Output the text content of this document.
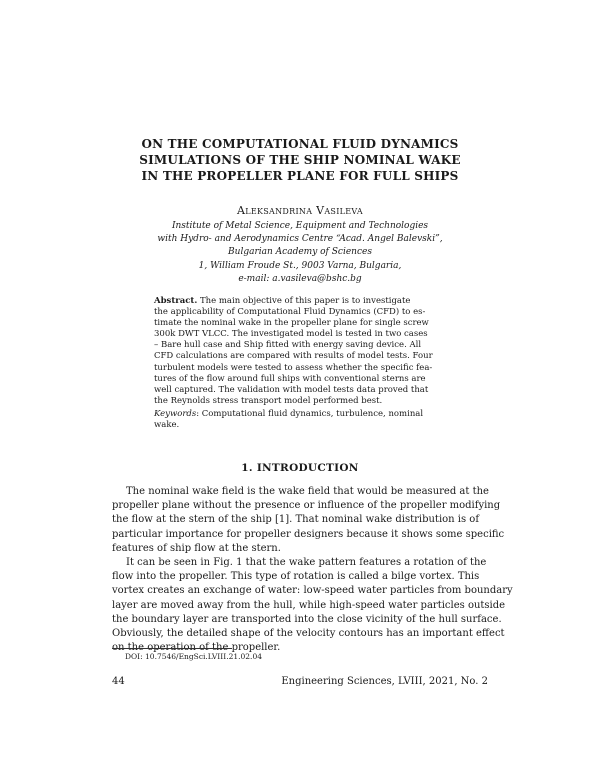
ON THE COMPUTATIONAL FLUID DYNAMICS
SIMULATIONS OF THE SHIP NOMINAL WAKE
IN THE PROPELLER PLANE FOR FULL SHIPS
Aleksandrina Vasileva
Institute of Metal Science, Equipment and Technologies
with Hydro- and Aerodynamics Centre “Acad. Angel Balevski”,
Bulgarian Academy of Sciences
1, William Froude St., 9003 Varna, Bulgaria,
e-mail: a.vasileva@bshc.bg
Abstract. The main objective of this paper is to investigate
the applicability of Computational Fluid Dynamics (CFD) to es-
timate the nominal wake in the propeller plane for single screw
300k DWT VLCC. The investigated model is tested in two cases
– Bare hull case and Ship fitted with energy saving device. All
CFD calculations are compared with results of model tests. Four
turbulent models were tested to assess whether the specific fea-
tures of the flow around full ships with conventional sterns are
well captured. The validation with model tests data proved that
the Reynolds stress transport model performed best.
Keywords: Computational fluid dynamics, turbulence, nominal
wake.
1. INTRODUCTION
The nominal wake field is the wake field that would be measured at the
propeller plane without the presence or influence of the propeller modifying
the flow at the stern of the ship [1]. That nominal wake distribution is of
particular importance for propeller designers because it shows some specific
features of ship flow at the stern.
It can be seen in Fig. 1 that the wake pattern features a rotation of the
flow into the propeller. This type of rotation is called a bilge vortex. This
vortex creates an exchange of water: low-speed water particles from boundary
layer are moved away from the hull, while high-speed water particles outside
the boundary layer are transported into the close vicinity of the hull surface.
Obviously, the detailed shape of the velocity contours has an important effect
on the operation of the propeller.
DOI: 10.7546/EngSci.LVIII.21.02.04
44	Engineering Sciences, LVIII, 2021, No. 2
